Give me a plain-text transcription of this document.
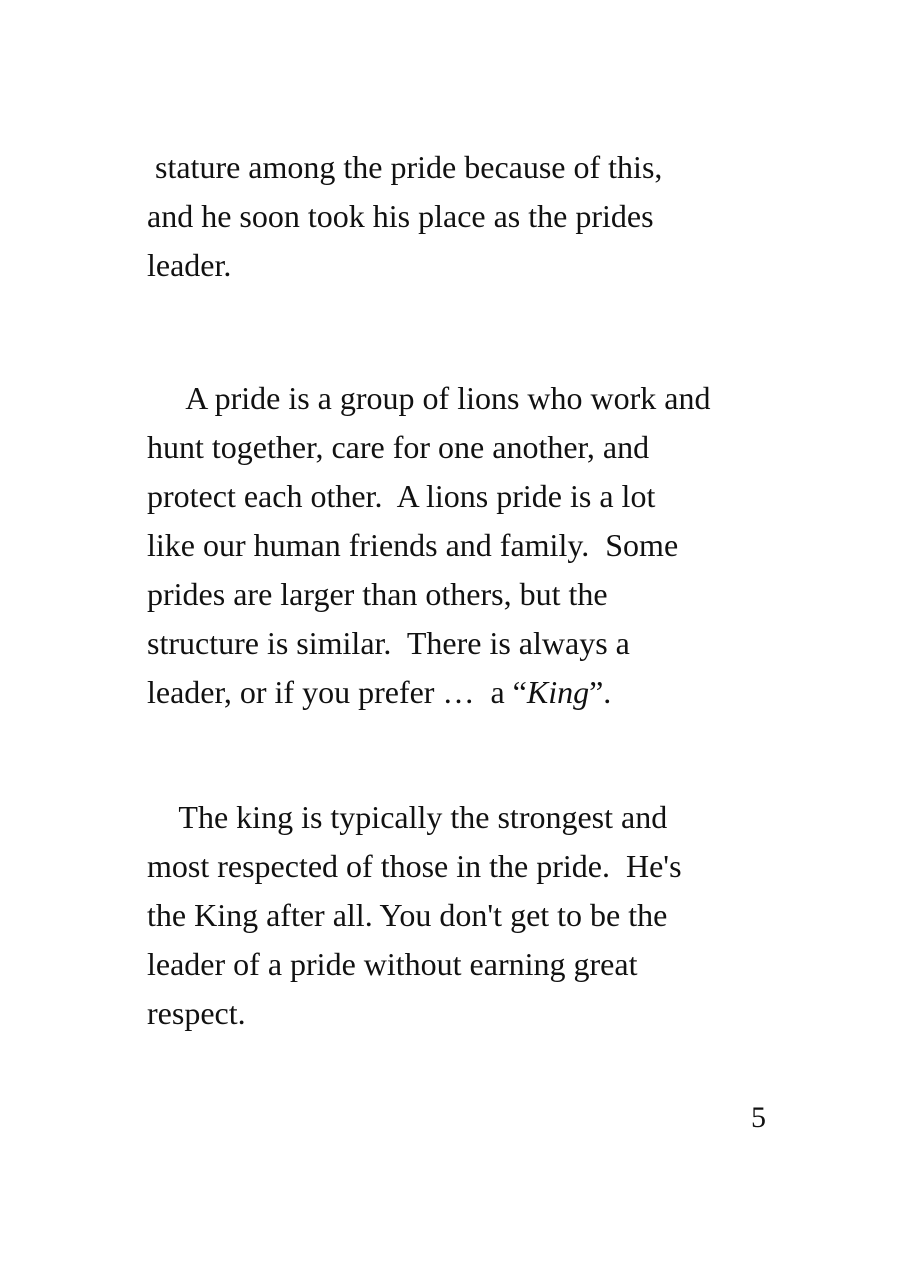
stature among the pride because of this,
and he soon took his place as the prides
leader.
A pride is a group of lions who work and
hunt together, care for one another, and
protect each other.  A lions pride is a lot
like our human friends and family.  Some
prides are larger than others, but the
structure is similar.  There is always a
leader, or if you prefer …  a “King”.
The king is typically the strongest and
most respected of those in the pride.  He's
the King after all. You don't get to be the
leader of a pride without earning great
respect.
5
